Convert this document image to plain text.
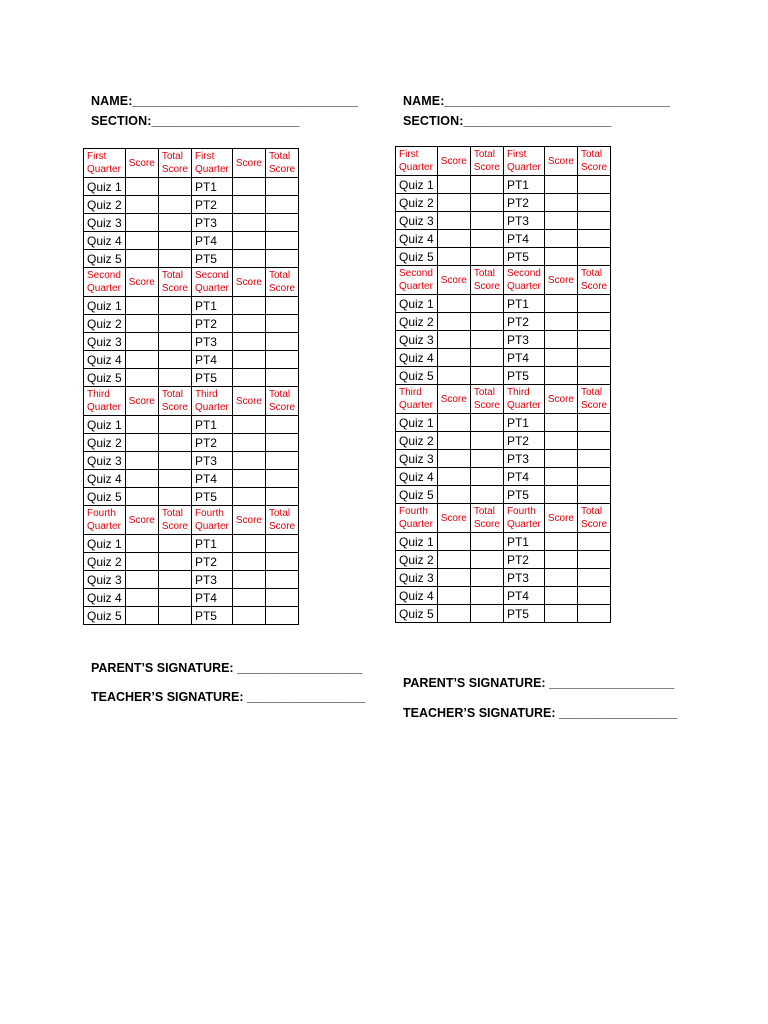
NAME:________________________________
SECTION:_____________________
First Quarter	Score	Total Score	First Quarter	Score	Total Score
Quiz 1			PT1		
Quiz 2			PT2		
Quiz 3			PT3		
Quiz 4			PT4		
Quiz 5			PT5		
Second Quarter	Score	Total Score	Second Quarter	Score	Total Score
Quiz 1			PT1		
Quiz 2			PT2		
Quiz 3			PT3		
Quiz 4			PT4		
Quiz 5			PT5		
Third Quarter	Score	Total Score	Third Quarter	Score	Total Score
Quiz 1			PT1		
Quiz 2			PT2		
Quiz 3			PT3		
Quiz 4			PT4		
Quiz 5			PT5		
Fourth Quarter	Score	Total Score	Fourth Quarter	Score	Total Score
Quiz 1			PT1		
Quiz 2			PT2		
Quiz 3			PT3		
Quiz 4			PT4		
Quiz 5			PT5		
PARENT’S SIGNATURE: __________________
TEACHER’S SIGNATURE: _________________
NAME:________________________________
SECTION:_____________________
First Quarter	Score	Total Score	First Quarter	Score	Total Score
Quiz 1			PT1		
Quiz 2			PT2		
Quiz 3			PT3		
Quiz 4			PT4		
Quiz 5			PT5		
Second Quarter	Score	Total Score	Second Quarter	Score	Total Score
Quiz 1			PT1		
Quiz 2			PT2		
Quiz 3			PT3		
Quiz 4			PT4		
Quiz 5			PT5		
Third Quarter	Score	Total Score	Third Quarter	Score	Total Score
Quiz 1			PT1		
Quiz 2			PT2		
Quiz 3			PT3		
Quiz 4			PT4		
Quiz 5			PT5		
Fourth Quarter	Score	Total Score	Fourth Quarter	Score	Total Score
Quiz 1			PT1		
Quiz 2			PT2		
Quiz 3			PT3		
Quiz 4			PT4		
Quiz 5			PT5		
PARENT’S SIGNATURE: __________________
TEACHER’S SIGNATURE: _________________
